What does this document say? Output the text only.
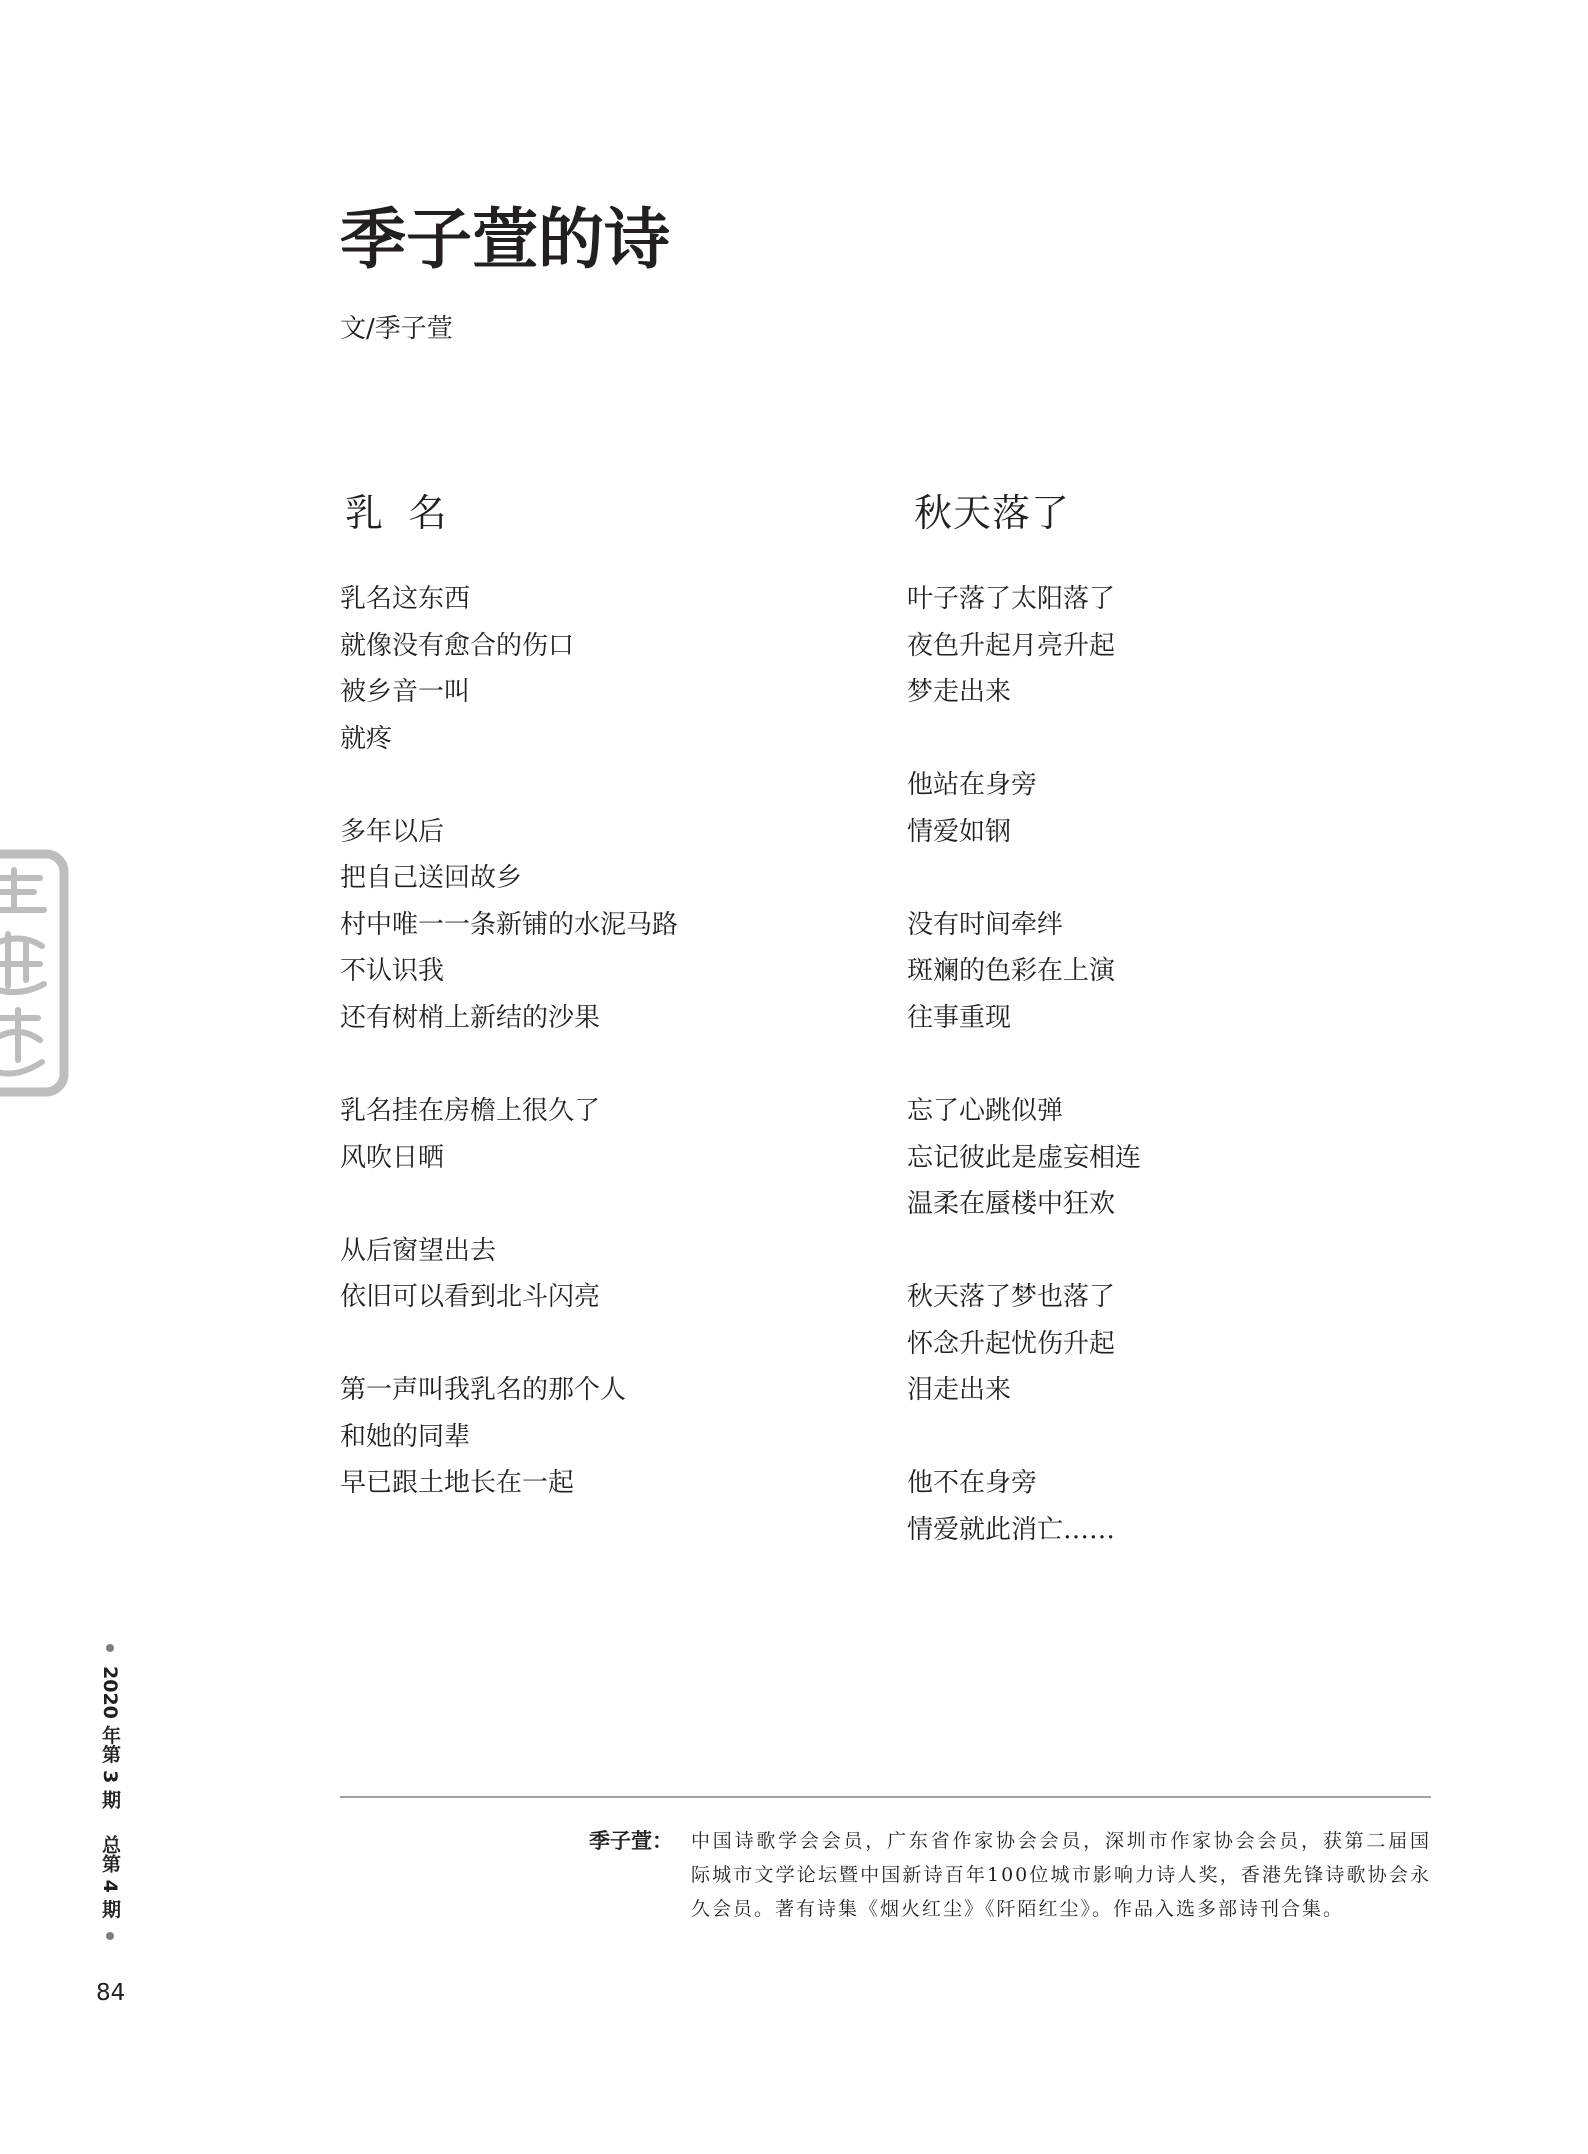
季子萱的诗
文/季子萱
乳 名	秋天落了
乳名这东西
就像没有愈合的伤口
被乡音一叫
就疼
多年以后
把自己送回故乡
村中唯一一条新铺的水泥马路
不认识我
还有树梢上新结的沙果
乳名挂在房檐上很久了
风吹日晒
从后窗望出去
依旧可以看到北斗闪亮
第一声叫我乳名的那个人
和她的同辈
早已跟土地长在一起
叶子落了太阳落了
夜色升起月亮升起
梦走出来
他站在身旁
情爱如钢
没有时间牵绊
斑斓的色彩在上演
往事重现
忘了心跳似弹
忘记彼此是虚妄相连
温柔在蜃楼中狂欢
秋天落了梦也落了
怀念升起忧伤升起
泪走出来
他不在身旁
情爱就此消亡……
季子萱： 中国诗歌学会会员，广东省作家协会会员，深圳市作家协会会员，获第二届国
际城市文学论坛暨中国新诗百年100位城市影响力诗人奖，香港先锋诗歌协会永
久会员。著有诗集《烟火红尘》《阡陌红尘》。作品入选多部诗刊合集。
2020 年第 3 期
总第 4 期
84
